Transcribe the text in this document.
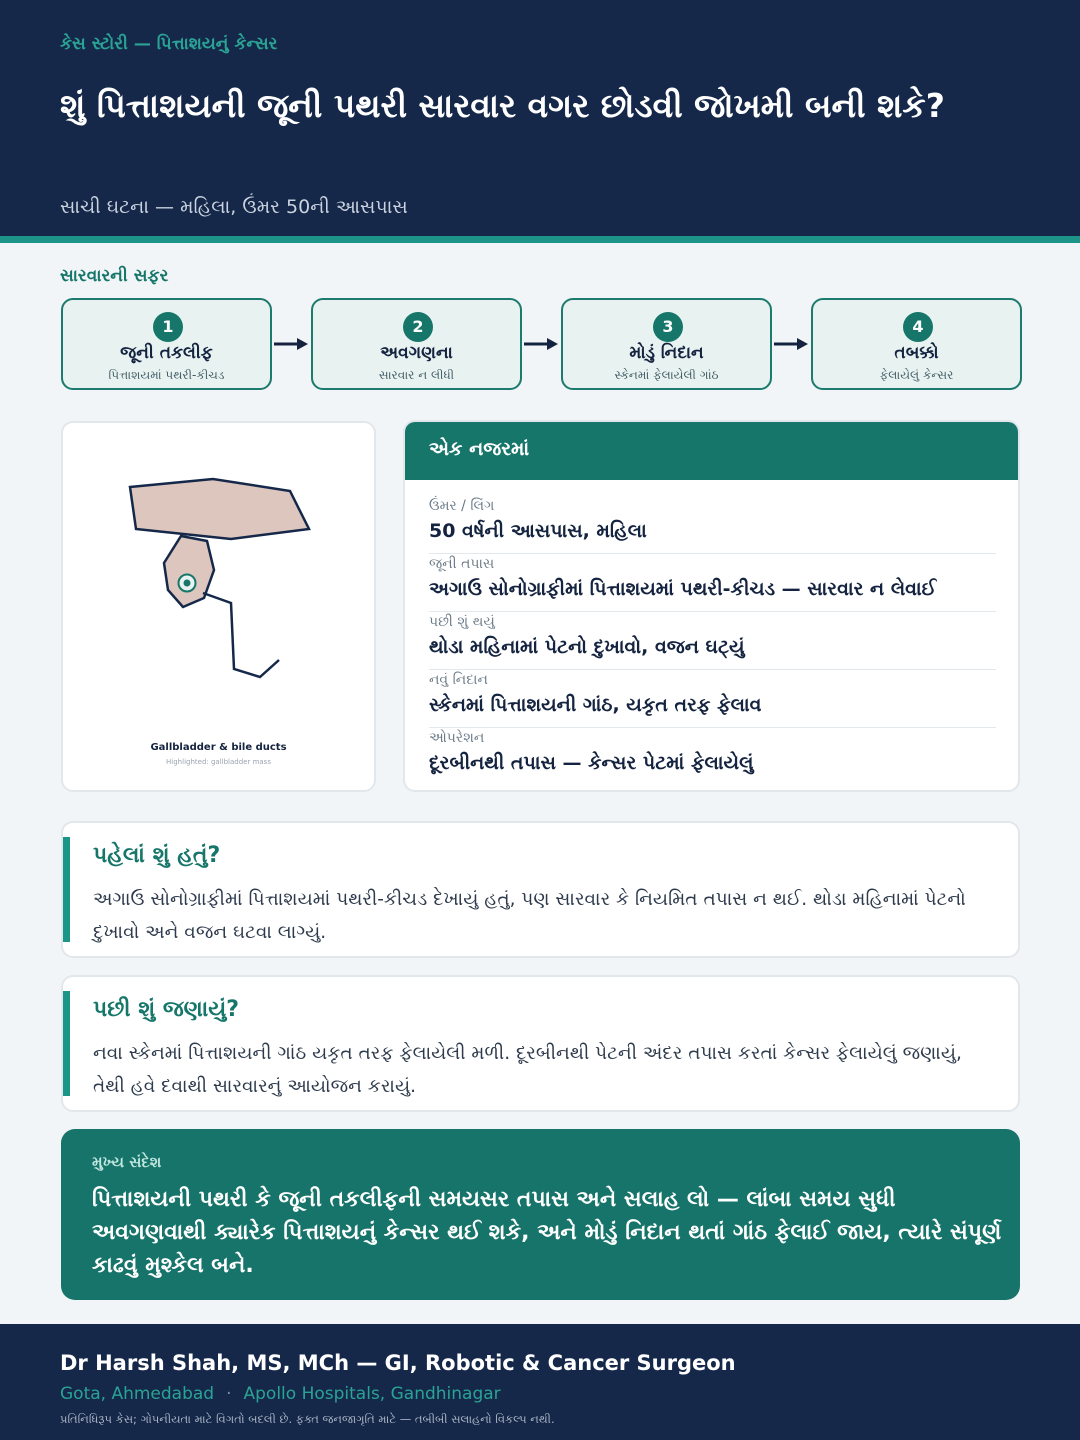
કેસ સ્ટોરી — પિત્તાશયનું કેન્સર
શું પિત્તાશયની જૂની પથરી સારવાર વગર છોડવી જોખમી બની શકે?
સાચી ઘટના — મહિલા, ઉંમર 50ની આસપાસ
સારવારની સફર
1
જૂની તકલીફ
પિત્તાશયમાં પથરી-કીચડ
2
અવગણના
સારવાર ન લીધી
3
મોડું નિદાન
સ્કેનમાં ફેલાયેલી ગાંઠ
4
તબક્કો
ફેલાયેલું કેન્સર
Gallbladder & bile ducts
Highlighted: gallbladder mass
એક નજરમાં
ઉંમર / લિંગ
50 વર્ષની આસપાસ, મહિલા
જૂની તપાસ
અગાઉ સોનોગ્રાફીમાં પિત્તાશયમાં પથરી-કીચડ — સારવાર ન લેવાઈ
પછી શું થયું
થોડા મહિનામાં પેટનો દુખાવો, વજન ઘટ્યું
નવું નિદાન
સ્કેનમાં પિત્તાશયની ગાંઠ, યકૃત તરફ ફેલાવ
ઓપરેશન
દૂરબીનથી તપાસ — કેન્સર પેટમાં ફેલાયેલું
પહેલાં શું હતું?

અગાઉ સોનોગ્રાફીમાં પિત્તાશયમાં પથરી-કીચડ દેખાયું હતું, પણ સારવાર કે નિયમિત તપાસ ન થઈ. થોડા મહિનામાં પેટનો દુખાવો અને વજન ઘટવા લાગ્યું.

પછી શું જણાયું?

નવા સ્કેનમાં પિત્તાશયની ગાંઠ યકૃત તરફ ફેલાયેલી મળી. દૂરબીનથી પેટની અંદર તપાસ કરતાં કેન્સર ફેલાયેલું જણાયું, તેથી હવે દવાથી સારવારનું આયોજન કરાયું.

મુખ્ય સંદેશ
પિત્તાશયની પથરી કે જૂની તકલીફની સમયસર તપાસ અને સલાહ લો — લાંબા સમય સુધી અવગણવાથી ક્યારેક પિત્તાશયનું કેન્સર થઈ શકે, અને મોડું નિદાન થતાં ગાંઠ ફેલાઈ જાય, ત્યારે સંપૂર્ણ કાઢવું મુશ્કેલ બને.
Dr Harsh Shah, MS, MCh — GI, Robotic & Cancer Surgeon
Gota, Ahmedabad · Apollo Hospitals, Gandhinagar
પ્રતિનિધિરૂપ કેસ; ગોપનીયતા માટે વિગતો બદલી છે. ફક્ત જનજાગૃતિ માટે — તબીબી સલાહનો વિકલ્પ નથી.
